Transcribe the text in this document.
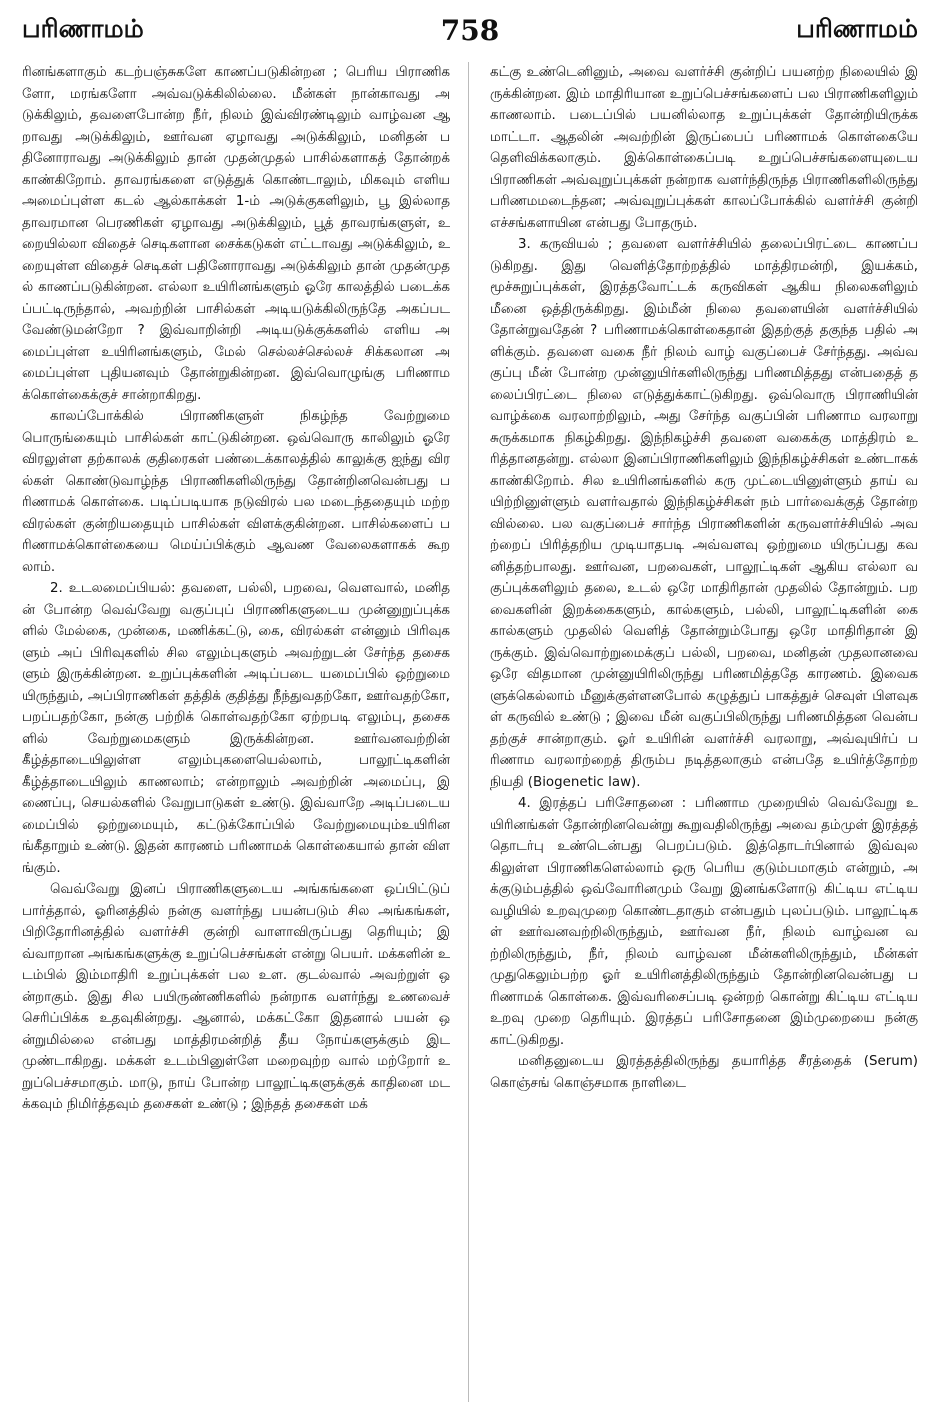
பரிணாமம்	758	பரிணாமம்

ரினங்களாகும் கடற்பஞ்சுகளே காணப்படுகின்றன ; பெரிய பிராணிகளோ, மரங்களோ அவ்வடுக்கிலில்லை. மீன்கள் நான்காவது அடுக்கிலும், தவளைபோன்ற நீர், நிலம் இவ்விரண்டிலும் வாழ்வன ஆறாவது அடுக்கிலும், ஊர்வன ஏழாவது அடுக்கிலும், மனிதன் பதினோராவது அடுக்கிலும் தான் முதன்முதல் பாசில்களாகத் தோன்றக் காண்கிறோம். தாவரங்களை எடுத்துக் கொண்டாலும், மிகவும் எளிய அமைப்புள்ள கடல் ஆல்காக்கள் 1-ம் அடுக்குகளிலும், பூ இல்லாத தாவரமான பெரணிகள் ஏழாவது அடுக்கிலும், பூத் தாவரங்களுள், உறையில்லா விதைச் செடிகளான சைக்கடுகள் எட்டாவது அடுக்கிலும், உறையுள்ள விதைச் செடிகள் பதினோராவது அடுக்கிலும் தான் முதன்முதல் காணப்படுகின்றன. எல்லா உயிரினங்களும் ஓரே காலத்தில் படைக்கப்பட்டிருந்தால், அவற்றின் பாசில்கள் அடியடுக்கிலிருந்தே அகப்படவேண்டுமன்றோ ? இவ்வாறின்றி அடியடுக்குக்களில் எளிய அமைப்புள்ள உயிரினங்களும், மேல் செல்லச்செல்லச் சிக்கலான அமைப்புள்ள புதியனவும் தோன்றுகின்றன. இவ்வொழுங்கு பரிணாமக்கொள்கைக்குச் சான்றாகிறது.

காலப்போக்கில் பிராணிகளுள் நிகழ்ந்த வேற்றுமை பொருங்கையும் பாசில்கள் காட்டுகின்றன. ஒவ்வொரு காலிலும் ஓரே விரலுள்ள தற்காலக் குதிரைகள் பண்டைக்காலத்தில் காலுக்கு ஐந்து விரல்கள் கொண்டுவாழ்ந்த பிராணிகளிலிருந்து தோன்றினவென்பது பரிணாமக் கொள்கை. படிப்படியாக நடுவிரல் பல மடைந்ததையும் மற்ற விரல்கள் குன்றியதையும் பாசில்கள் விளக்குகின்றன. பாசில்களைப் பரிணாமக்கொள்கையை மெய்ப்பிக்கும் ஆவண வேலைகளாகக் கூறலாம்.

2. உடலமைப்பியல்: தவளை, பல்லி, பறவை, வௌவால், மனிதன் போன்ற வெவ்வேறு வகுப்புப் பிராணிகளுடைய முன்னுறுப்புக்களில் மேல்கை, முன்கை, மணிக்கட்டு, கை, விரல்கள் என்னும் பிரிவுகளும் அப் பிரிவுகளில் சில எலும்புகளும் அவற்றுடன் சேர்ந்த தசைகளும் இருக்கின்றன. உறுப்புக்களின் அடிப்படை யமைப்பில் ஒற்றுமை யிருந்தும், அப்பிராணிகள் தத்திக் குதித்து நீந்துவதற்கோ, ஊர்வதற்கோ, பறப்பதற்கோ, நன்கு பற்றிக் கொள்வதற்கோ ஏற்றபடி எலும்பு, தசைகளில் வேற்றுமைகளும் இருக்கின்றன. ஊர்வனவற்றின் கீழ்த்தாடையிலுள்ள எலும்புகளையெல்லாம், பாலூட்டிகளின் கீழ்த்தாடையிலும் காணலாம்; என்றாலும் அவற்றின் அமைப்பு, இணைப்பு, செயல்களில் வேறுபாடுகள் உண்டு. இவ்வாறே அடிப்படையமைப்பில் ஒற்றுமையும், கட்டுக்கோப்பில் வேற்றுமையும்உயிரினங்கீதாறும் உண்டு. இதன் காரணம் பரிணாமக் கொள்கையால் தான் விளங்கும்.

வெவ்வேறு இனப் பிராணிகளுடைய அங்கங்களை ஒப்பிட்டுப் பார்த்தால், ஓரினத்தில் நன்கு வளர்ந்து பயன்படும் சில அங்கங்கள், பிறிதோரினத்தில் வளர்ச்சி குன்றி வாளாவிருப்பது தெரியும்; இவ்வாறான அங்கங்களுக்கு உறுப்பெச்சங்கள் என்று பெயர். மக்களின் உடம்பில் இம்மாதிரி உறுப்புக்கள் பல உள. குடல்வால் அவற்றுள் ஒன்றாகும். இது சில பயிருண்ணிகளில் நன்றாக வளர்ந்து உணவைச் செரிப்பிக்க உதவுகின்றது. ஆனால், மக்கட்கோ இதனால் பயன் ஒன்றுமில்லை என்பது மாத்திரமன்றித் தீய நோய்களுக்கும் இடமுண்டாகிறது. மக்கள் உடம்பினுள்ளே மறைவுற்ற வால் மற்றோர் உறுப்பெச்சமாகும். மாடு, நாய் போன்ற பாலூட்டிகளுக்குக் காதினை மடக்கவும் நிமிர்த்தவும் தசைகள் உண்டு ; இந்தத் தசைகள் மக்

கட்கு உண்டெனினும், அவை வளர்ச்சி குன்றிப் பயனற்ற நிலையில் இருக்கின்றன. இம் மாதிரியான உறுப்பெச்சங்களைப் பல பிராணிகளிலும் காணலாம். படைப்பில் பயனில்லாத உறுப்புக்கள் தோன்றியிருக்க மாட்டா. ஆதலின் அவற்றின் இருப்பைப் பரிணாமக் கொள்கையே தெளிவிக்கலாகும். இக்கொள்கைப்படி உறுப்பெச்சங்களையுடைய பிராணிகள் அவ்வுறுப்புக்கள் நன்றாக வளர்ந்திருந்த பிராணிகளிலிருந்து பரிணமமடைந்தன; அவ்வுறுப்புக்கள் காலப்போக்கில் வளர்ச்சி குன்றி எச்சங்களாயின என்பது போதரும்.

3. கருவியல் ; தவளை வளர்ச்சியில் தலைப்பிரட்டை காணப்படுகிறது. இது வெளித்தோற்றத்தில் மாத்திரமன்றி, இயக்கம், மூச்சுறுப்புக்கள், இரத்தவோட்டக் கருவிகள் ஆகிய நிலைகளிலும் மீனை ஒத்திருக்கிறது. இம்மீன் நிலை தவளையின் வளர்ச்சியில் தோன்றுவதேன் ? பரிணாமக்கொள்கைதான் இதற்குத் தகுந்த பதில் அளிக்கும். தவளை வகை நீர் நிலம் வாழ் வகுப்பைச் சேர்ந்தது. அவ்வகுப்பு மீன் போன்ற முன்னுயிர்களிலிருந்து பரிணமித்தது என்பதைத் தலைப்பிரட்டை நிலை எடுத்துக்காட்டுகிறது. ஒவ்வொரு பிராணியின் வாழ்க்கை வரலாற்றிலும், அது சேர்ந்த வகுப்பின் பரிணாம வரலாறு சுருக்கமாக நிகழ்கிறது. இந்நிகழ்ச்சி தவளை வகைக்கு மாத்திரம் உரித்தானதன்று. எல்லா இனப்பிராணிகளிலும் இந்நிகழ்ச்சிகள் உண்டாகக் காண்கிறோம். சில உயிரினங்களில் கரு முட்டையினுள்ளும் தாய் வயிற்றினுள்ளும் வளர்வதால் இந்நிகழ்ச்சிகள் நம் பார்வைக்குத் தோன்றவில்லை. பல வகுப்பைச் சார்ந்த பிராணிகளின் கருவளர்ச்சியில் அவற்றைப் பிரித்தறிய முடியாதபடி அவ்வளவு ஒற்றுமை யிருப்பது கவனித்தற்பாலது. ஊர்வன, பறவைகள், பாலூட்டிகள் ஆகிய எல்லா வகுப்புக்களிலும் தலை, உடல் ஒரே மாதிரிதான் முதலில் தோன்றும். பறவைகளின் இறக்கைகளும், கால்களும், பல்லி, பாலூட்டிகளின் கை கால்களும் முதலில் வெளித் தோன்றும்போது ஒரே மாதிரிதான் இருக்கும். இவ்வொற்றுமைக்குப் பல்லி, பறவை, மனிதன் முதலானவை ஒரே விதமான முன்னுயிரிலிருந்து பரிணமித்ததே காரணம். இவைகளுக்கெல்லாம் மீனுக்குள்ளனபோல் கழுத்துப் பாகத்துச் செவுள் பிளவுகள் கருவில் உண்டு ; இவை மீன் வகுப்பிலிருந்து பரிணமித்தன வென்பதற்குச் சான்றாகும். ஓர் உயிரின் வளர்ச்சி வரலாறு, அவ்வுயிர்ப் பரிணாம வரலாற்றைத் திரும்ப நடித்தலாகும் என்பதே உயிர்த்தோற்ற நியதி (Biogenetic law).

4. இரத்தப் பரிசோதனை : பரிணாம முறையில் வெவ்வேறு உயிரினங்கள் தோன்றினவென்று கூறுவதிலிருந்து அவை தம்முள் இரத்தத் தொடர்பு உண்டென்பது பெறப்படும். இத்தொடர்பினால் இவ்வுலகிலுள்ள பிராணிகளெல்லாம் ஒரு பெரிய குடும்பமாகும் என்றும், அக்குடும்பத்தில் ஒவ்வோரினமும் வேறு இனங்களோடு கிட்டிய எட்டிய வழியில் உறவுமுறை கொண்டதாகும் என்பதும் புலப்படும். பாலூட்டிகள் ஊர்வனவற்றிலிருந்தும், ஊர்வன நீர், நிலம் வாழ்வன வற்றிலிருந்தும், நீர், நிலம் வாழ்வன மீன்களிலிருந்தும், மீன்கள் முதுகெலும்பற்ற ஓர் உயிரினத்திலிருந்தும் தோன்றினவென்பது பரிணாமக் கொள்கை. இவ்வரிசைப்படி ஒன்றற் கொன்று கிட்டிய எட்டிய உறவு முறை தெரியும். இரத்தப் பரிசோதனை இம்முறையை நன்கு காட்டுகிறது.

மனிதனுடைய இரத்தத்திலிருந்து தயாரித்த சீரத்தைக் (Serum) கொஞ்சங் கொஞ்சமாக நாளிடை
